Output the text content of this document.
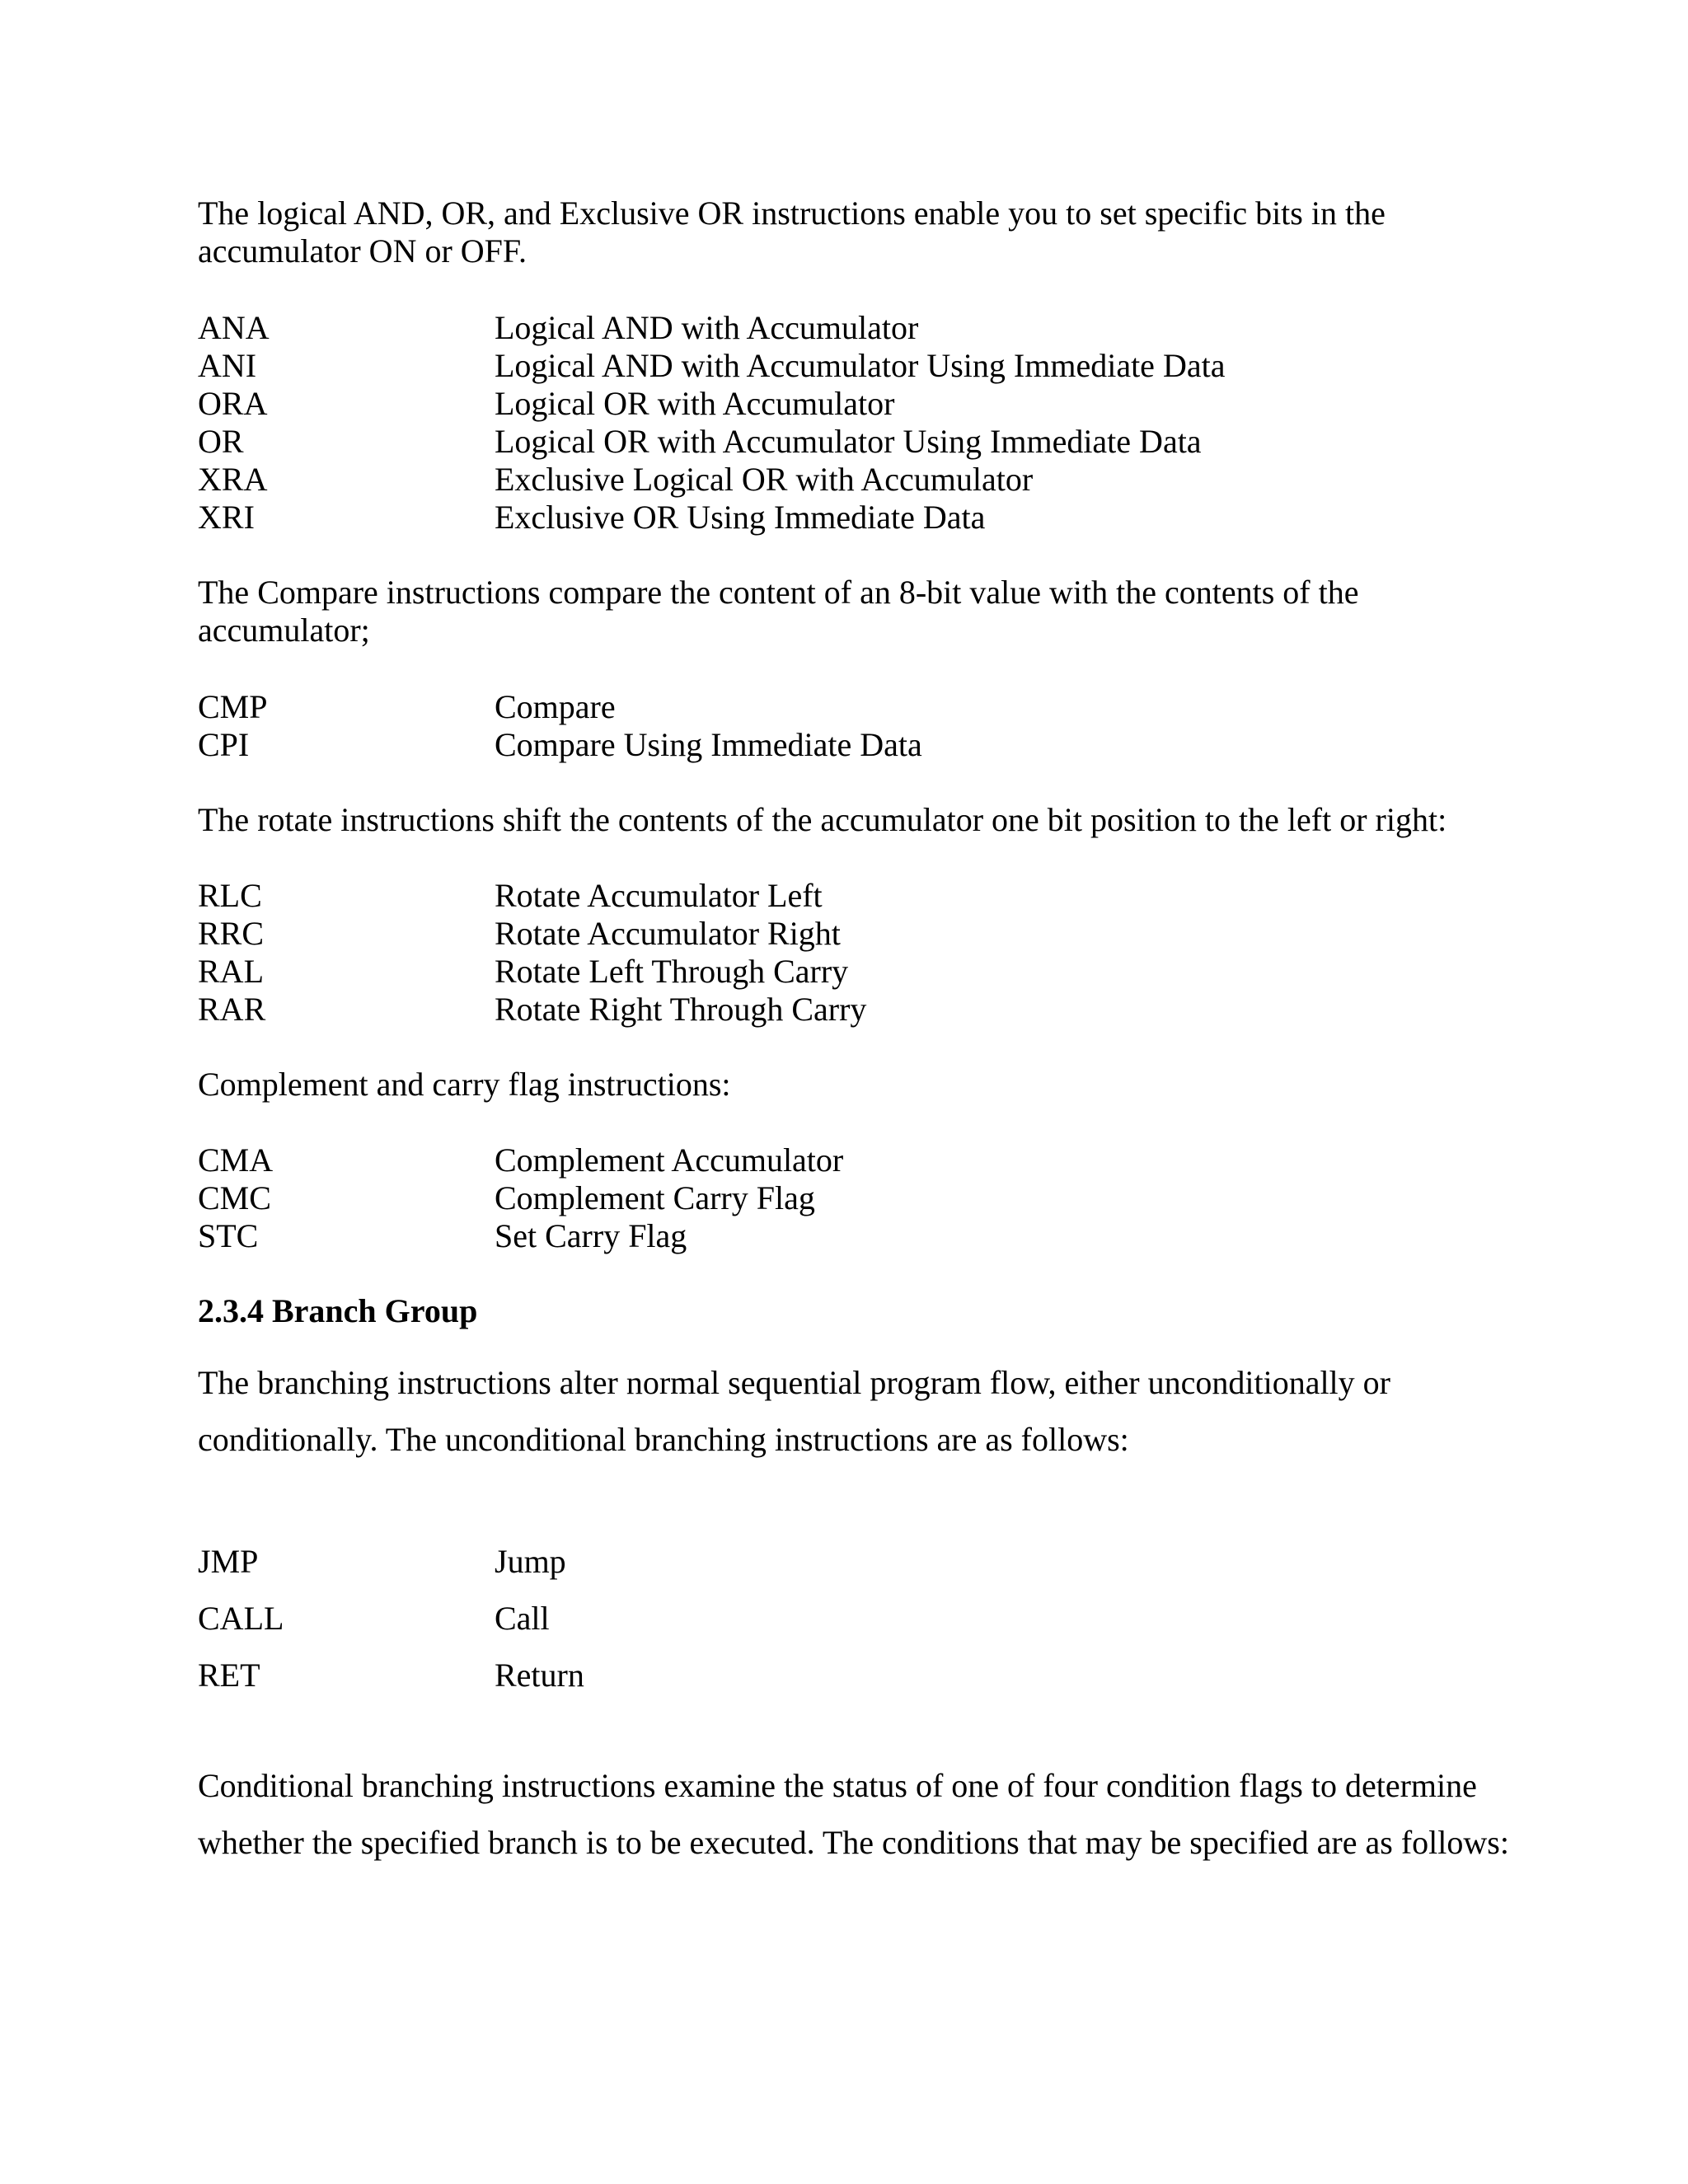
The logical AND, OR, and Exclusive OR instructions enable you to set specific bits in the accumulator ON or OFF.

ANA	Logical AND with Accumulator
ANI	Logical AND with Accumulator Using Immediate Data
ORA	Logical OR with Accumulator
OR	Logical OR with Accumulator Using Immediate Data
XRA	Exclusive Logical OR with Accumulator
XRI	Exclusive OR Using Immediate Data

The Compare instructions compare the content of an 8-bit value with the contents of the accumulator;

CMP	Compare
CPI	Compare Using Immediate Data

The rotate instructions shift the contents of the accumulator one bit position to the left or right:

RLC	Rotate Accumulator Left
RRC	Rotate Accumulator Right
RAL	Rotate Left Through Carry
RAR	Rotate Right Through Carry

Complement and carry flag instructions:

CMA	Complement Accumulator
CMC	Complement Carry Flag
STC	Set Carry Flag
2.3.4 Branch Group

The branching instructions alter normal sequential program flow, either unconditionally or conditionally. The unconditional branching instructions are as follows:

JMP	Jump
CALL	Call
RET	Return

Conditional branching instructions examine the status of one of four condition flags to determine whether the specified branch is to be executed. The conditions that may be specified are as follows:
